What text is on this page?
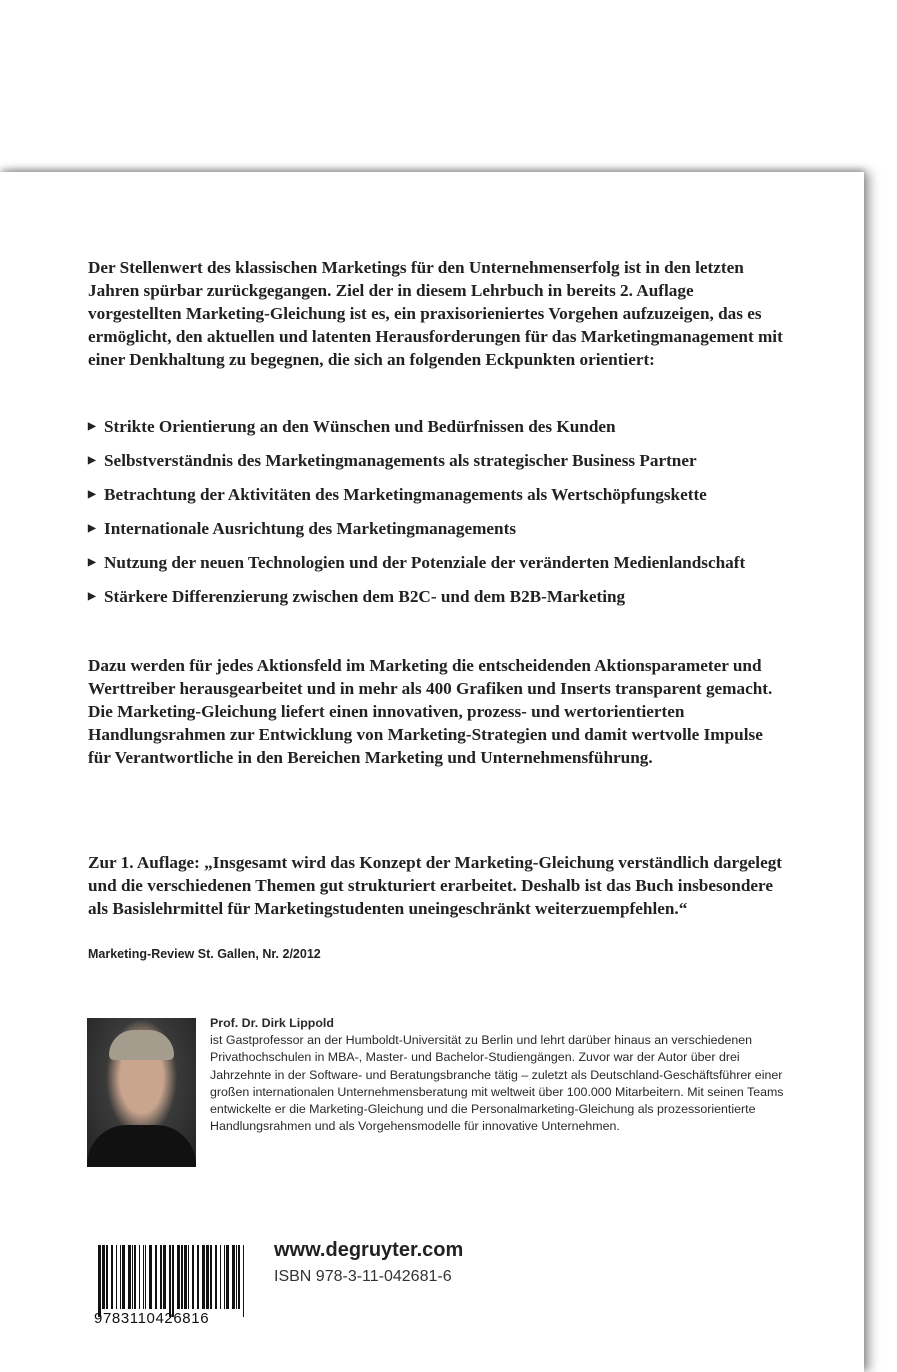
Der Stellenwert des klassischen Marketings für den Unternehmenserfolg ist in den letzten Jahren spürbar zurückgegangen. Ziel der in diesem Lehrbuch in bereits 2. Auflage vorgestellten Marketing-Gleichung ist es, ein praxisorieniertes Vorgehen aufzuzeigen, das es ermöglicht, den aktuellen und latenten Herausforderungen für das Marketingmanagement mit einer Denkhaltung zu begegnen, die sich an folgenden Eckpunkten orientiert:
▶ Strikte Orientierung an den Wünschen und Bedürfnissen des Kunden
▶ Selbstverständnis des Marketingmanagements als strategischer Business Partner
▶ Betrachtung der Aktivitäten des Marketingmanagements als Wertschöpfungskette
▶ Internationale Ausrichtung des Marketingmanagements
▶ Nutzung der neuen Technologien und der Potenziale der veränderten Medienlandschaft
▶ Stärkere Differenzierung zwischen dem B2C- und dem B2B-Marketing
Dazu werden für jedes Aktionsfeld im Marketing die entscheidenden Aktionsparameter und Werttreiber herausgearbeitet und in mehr als 400 Grafiken und Inserts transparent gemacht. Die Marketing-Gleichung liefert einen innovativen, prozess- und wertorientierten Handlungsrahmen zur Entwicklung von Marketing-Strategien und damit wertvolle Impulse für Verantwortliche in den Bereichen Marketing und Unternehmensführung.
Zur 1. Auflage: „Insgesamt wird das Konzept der Marketing-Gleichung verständlich dargelegt und die verschiedenen Themen gut strukturiert erarbeitet. Deshalb ist das Buch insbesondere als Basislehrmittel für Marketingstudenten uneingeschränkt weiterzuempfehlen.“
Marketing-Review St. Gallen, Nr. 2/2012
Prof. Dr. Dirk Lippold
ist Gastprofessor an der Humboldt-Universität zu Berlin und lehrt darüber hinaus an verschiedenen Privathochschulen in MBA-, Master- und Bachelor-Studiengängen. Zuvor war der Autor über drei Jahrzehnte in der Software- und Beratungsbranche tätig – zuletzt als Deutschland-Geschäftsführer einer großen internationalen Unternehmensberatung mit weltweit über 100.000 Mitarbeitern. Mit seinen Teams entwickelte er die Marketing-Gleichung und die Personalmarketing-Gleichung als prozessorientierte Handlungsrahmen und als Vorgehensmodelle für innovative Unternehmen.
9783110426816
www.degruyter.com
ISBN 978-3-11-042681-6
